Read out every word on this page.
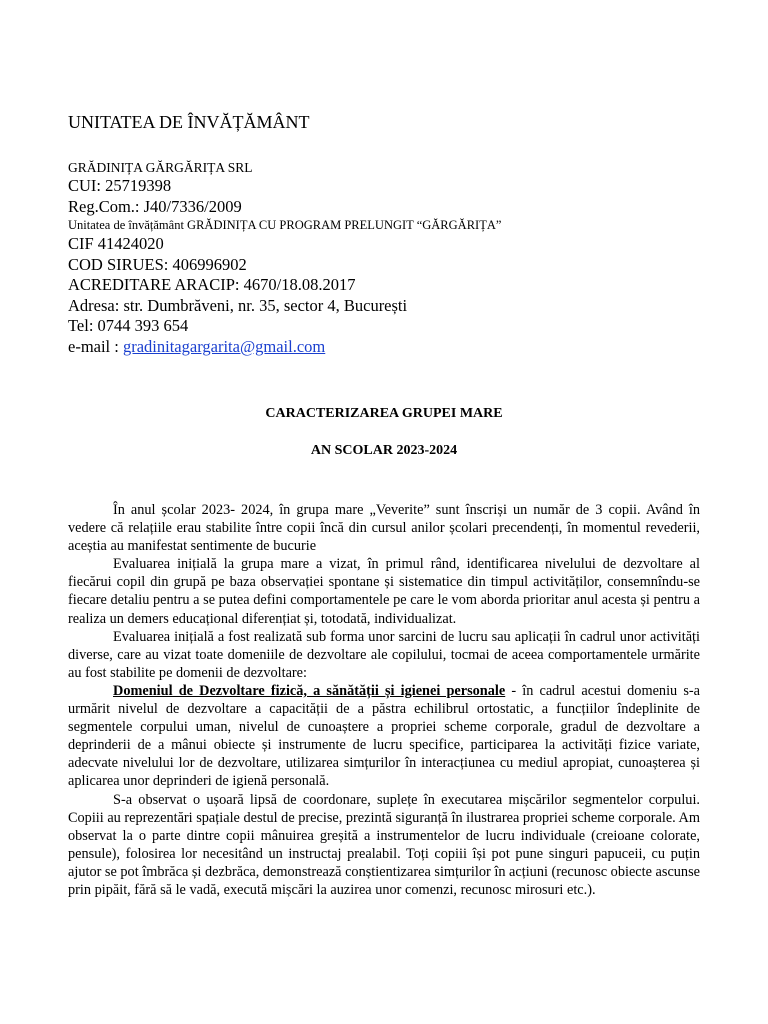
UNITATEA DE ÎNVĂȚĂMÂNT
GRĂDINIȚA GĂRGĂRIȚA SRL
CUI: 25719398
Reg.Com.: J40/7336/2009
Unitatea de învățământ GRĂDINIȚA CU PROGRAM PRELUNGIT “GĂRGĂRIȚA”
CIF 41424020
COD SIRUES: 406996902
ACREDITARE ARACIP: 4670/18.08.2017
Adresa: str. Dumbrăveni, nr. 35, sector 4, București
Tel: 0744 393 654
e-mail : gradinitagargarita@gmail.com
CARACTERIZAREA GRUPEI MARE
AN SCOLAR 2023-2024

În anul școlar 2023- 2024, în grupa mare „Veverite” sunt înscriși un număr de 3 copii. Având în vedere că relațiile erau stabilite între copii încă din cursul anilor școlari precendenți, în momentul revederii, aceștia au manifestat sentimente de bucurie

Evaluarea inițială la grupa mare a vizat, în primul rând, identificarea nivelului de dezvoltare al fiecărui copil din grupă pe baza observației spontane și sistematice din timpul activităților, consemnîndu-se fiecare detaliu pentru a se putea defini comportamentele pe care le vom aborda prioritar anul acesta și pentru a realiza un demers educațional diferențiat și, totodată, individualizat.

Evaluarea inițială a fost realizată sub forma unor sarcini de lucru sau aplicații în cadrul unor activități diverse, care au vizat toate domeniile de dezvoltare ale copilului, tocmai de aceea comportamentele urmărite au fost stabilite pe domenii de dezvoltare:

Domeniul de Dezvoltare fizică, a sănătății și igienei personale - în cadrul acestui domeniu s-a urmărit nivelul de dezvoltare a capacității de a păstra echilibrul ortostatic, a funcțiilor îndeplinite de segmentele corpului uman, nivelul de cunoaștere a propriei scheme corporale, gradul de dezvoltare a deprinderii de a mânui obiecte și instrumente de lucru specifice, participarea la activități fizice variate, adecvate nivelului lor de dezvoltare, utilizarea simțurilor în interacțiunea cu mediul apropiat, cunoașterea și aplicarea unor deprinderi de igienă personală.

S-a observat o ușoară lipsă de coordonare, suplețe în executarea mișcărilor segmentelor corpului. Copiii au reprezentări spațiale destul de precise, prezintă siguranță în ilustrarea propriei scheme corporale. Am observat la o parte dintre copii mânuirea greșită a instrumentelor de lucru individuale (creioane colorate, pensule), folosirea lor necesitând un instructaj prealabil. Toți copiii își pot pune singuri papuceii, cu puțin ajutor se pot îmbrăca și dezbrăca, demonstrează conștientizarea simțurilor în acțiuni (recunosc obiecte ascunse prin pipăit, fără să le vadă, execută mișcări la auzirea unor comenzi, recunosc mirosuri etc.).
